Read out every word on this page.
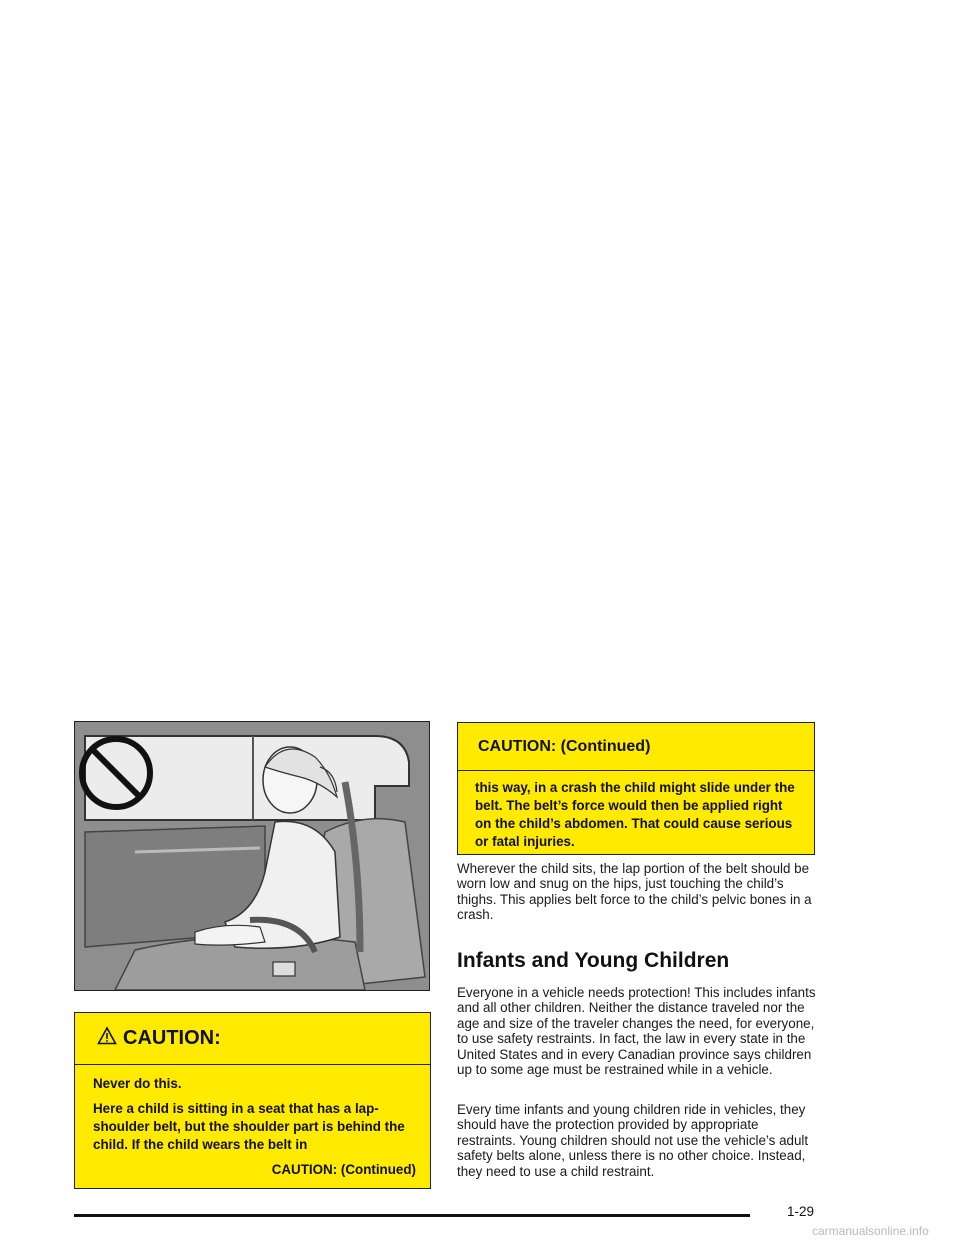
CAUTION:

Never do this.

Here a child is sitting in a seat that has a lap-shoulder belt, but the shoulder part is behind the child. If the child wears the belt in

CAUTION: (Continued)

CAUTION: (Continued)

this way, in a crash the child might slide under the belt. The belt’s force would then be applied right on the child’s abdomen. That could cause serious or fatal injuries.

Wherever the child sits, the lap portion of the belt should be worn low and snug on the hips, just touching the child’s thighs. This applies belt force to the child’s pelvic bones in a crash.

Infants and Young Children

Everyone in a vehicle needs protection! This includes infants and all other children. Neither the distance traveled nor the age and size of the traveler changes the need, for everyone, to use safety restraints. In fact, the law in every state in the United States and in every Canadian province says children up to some age must be restrained while in a vehicle.

Every time infants and young children ride in vehicles, they should have the protection provided by appropriate restraints. Young children should not use the vehicle’s adult safety belts alone, unless there is no other choice. Instead, they need to use a child restraint.

1-29
carmanualsonline.info
